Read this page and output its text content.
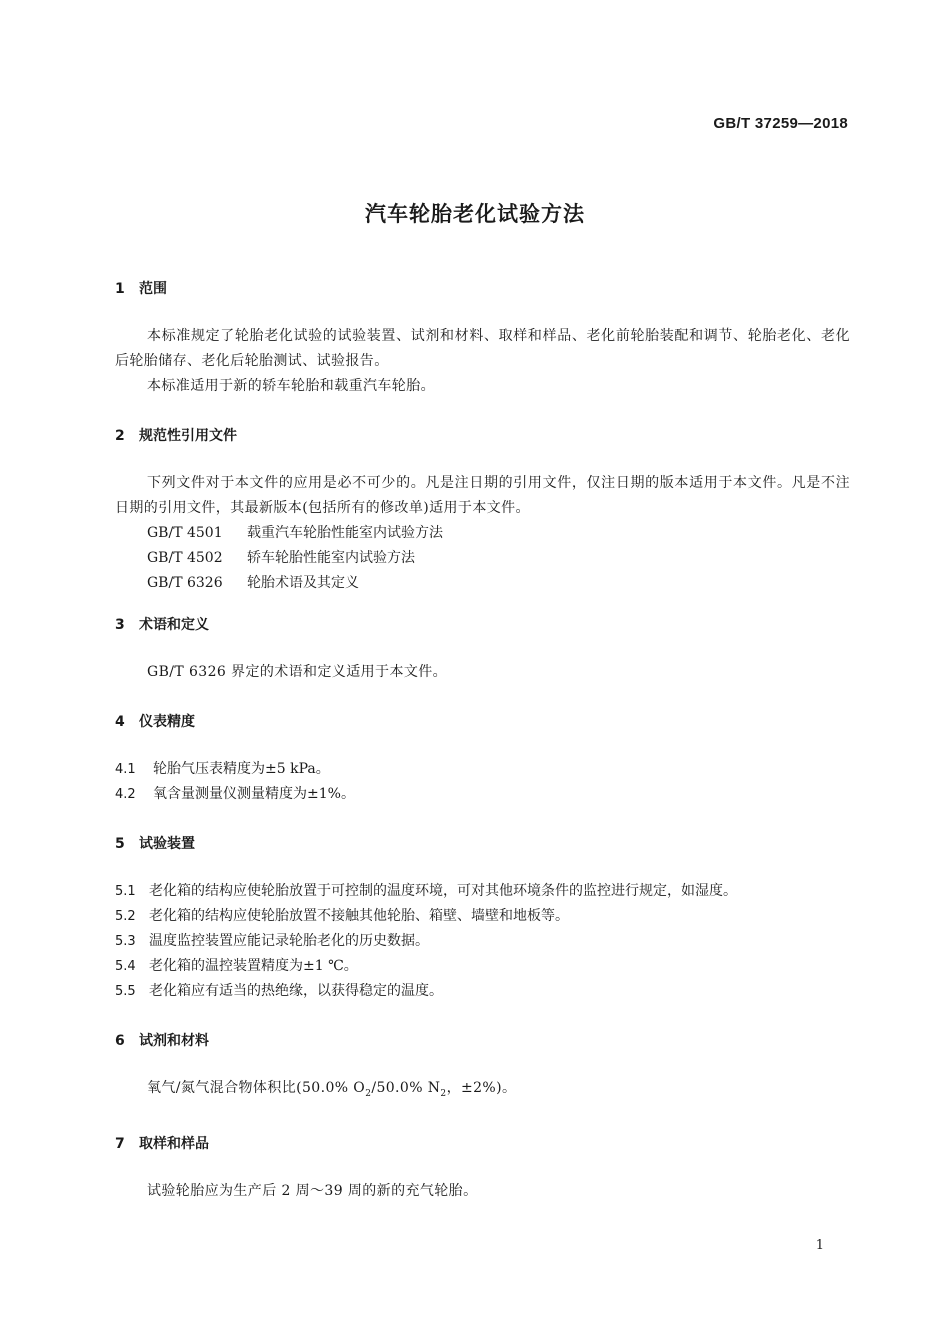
GB/T 37259—2018
汽车轮胎老化试验方法
1 范围

本标准规定了轮胎老化试验的试验装置、试剂和材料、取样和样品、老化前轮胎装配和调节、轮胎老化、老化后轮胎储存、老化后轮胎测试、试验报告。

本标准适用于新的轿车轮胎和载重汽车轮胎。

2 规范性引用文件

下列文件对于本文件的应用是必不可少的。凡是注日期的引用文件，仅注日期的版本适用于本文件。凡是不注日期的引用文件，其最新版本(包括所有的修改单)适用于本文件。

GB/T 4501 载重汽车轮胎性能室内试验方法
GB/T 4502 轿车轮胎性能室内试验方法
GB/T 6326 轮胎术语及其定义
3 术语和定义

GB/T 6326 界定的术语和定义适用于本文件。

4 仪表精度
4.1 轮胎气压表精度为±5 kPa。
4.2 氧含量测量仪测量精度为±1%。
5 试验装置
5.1 老化箱的结构应使轮胎放置于可控制的温度环境，可对其他环境条件的监控进行规定，如湿度。
5.2 老化箱的结构应使轮胎放置不接触其他轮胎、箱壁、墙壁和地板等。
5.3 温度监控装置应能记录轮胎老化的历史数据。
5.4 老化箱的温控装置精度为±1 ℃。
5.5 老化箱应有适当的热绝缘，以获得稳定的温度。
6 试剂和材料

氧气/氮气混合物体积比(50.0% $O_2/50.0\%$ $N_2$，±2%)。

7 取样和样品

试验轮胎应为生产后 2 周～39 周的新的充气轮胎。

1
